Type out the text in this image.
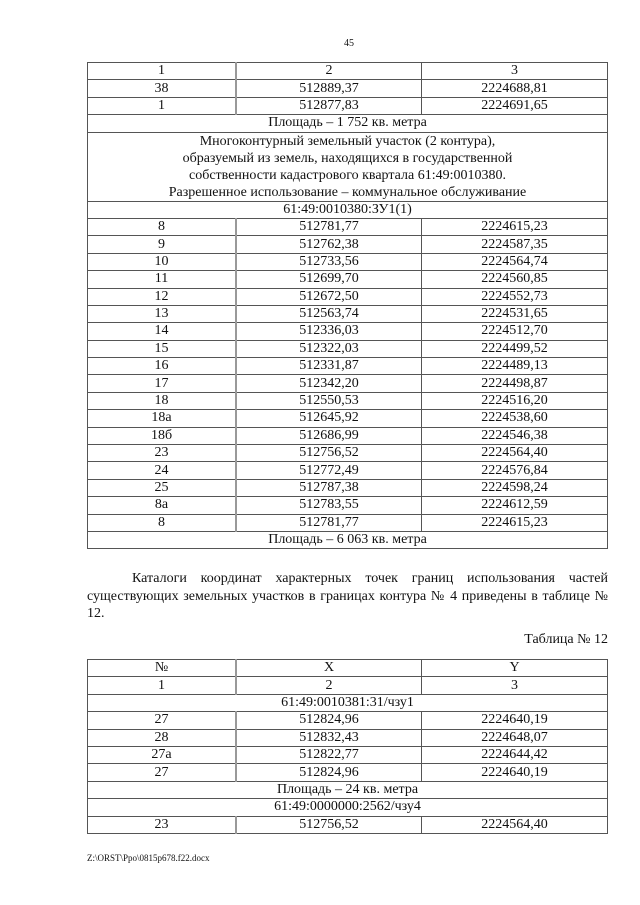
45
1	2	3
38	512889,37	2224688,81
1	512877,83	2224691,65
Площадь – 1 752 кв. метра		

Многоконтурный земельный участок (2 контура),
образуемый из земель, находящихся в государственной
собственности кадастрового квартала 61:49:0010380.
Разрешенное использование – коммунальное обслуживание		

61:49:0010380:ЗУ1(1)		
8	512781,77	2224615,23
9	512762,38	2224587,35
10	512733,56	2224564,74
11	512699,70	2224560,85
12	512672,50	2224552,73
13	512563,74	2224531,65
14	512336,03	2224512,70
15	512322,03	2224499,52
16	512331,87	2224489,13
17	512342,20	2224498,87
18	512550,53	2224516,20
18а	512645,92	2224538,60
18б	512686,99	2224546,38
23	512756,52	2224564,40
24	512772,49	2224576,84
25	512787,38	2224598,24
8а	512783,55	2224612,59
8	512781,77	2224615,23
Площадь – 6 063 кв. метра		
Каталоги координат характерных точек границ использования частей существующих земельных участков в границах контура № 4 приведены в таблице № 12.
Таблица № 12
№	X	Y
1	2	3
61:49:0010381:31/чзу1		
27	512824,96	2224640,19
28	512832,43	2224648,07
27а	512822,77	2224644,42
27	512824,96	2224640,19
Площадь – 24 кв. метра		
61:49:0000000:2562/чзу4		
23	512756,52	2224564,40
Z:\ORST\Ppo\0815p678.f22.docx
